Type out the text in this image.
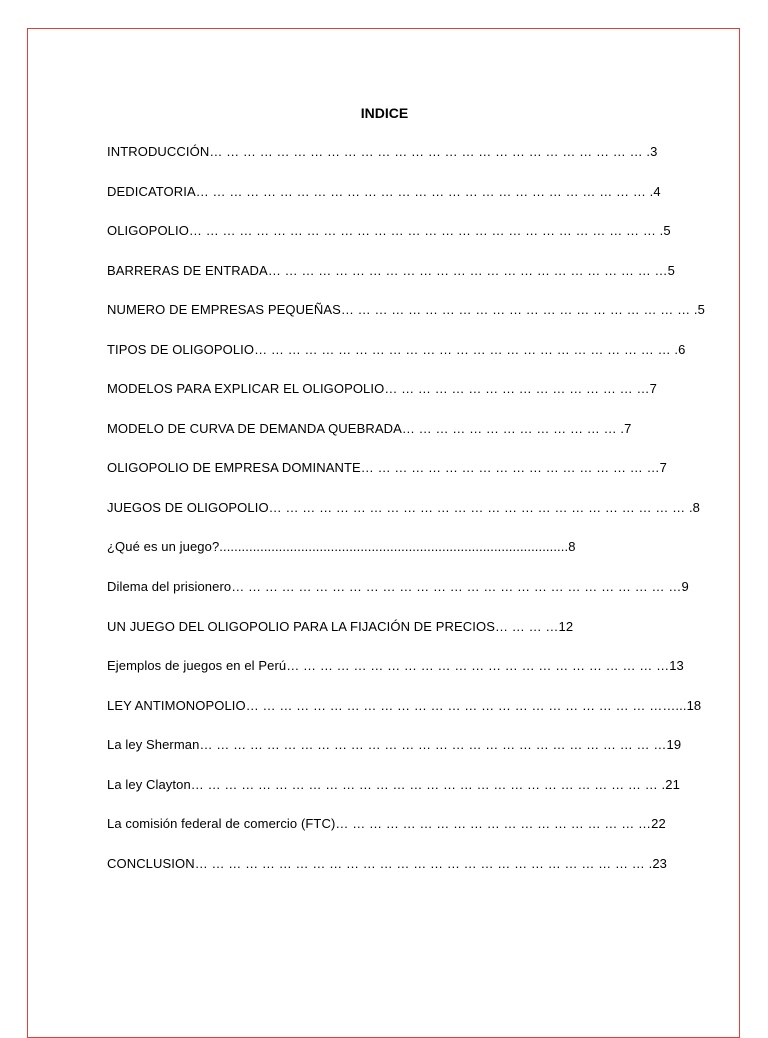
INDICE
INTRODUCCIÓN… … … … … … … … … … … … … … … … … … … … … … … … … … .3
DEDICATORIA… … … … … … … … … … … … … … … … … … … … … … … … … … … .4
OLIGOPOLIO… … … … … … … … … … … … … … … … … … … … … … … … … … … … .5
BARRERAS DE ENTRADA… … … … … … … … … … … … … … … … … … … … … … … …5
NUMERO DE EMPRESAS PEQUEÑAS… … … … … … … … … … … … … … … … … … … … … .5
TIPOS DE OLIGOPOLIO… … … … … … … … … … … … … … … … … … … … … … … … … .6
MODELOS PARA EXPLICAR EL OLIGOPOLIO… … … … … … … … … … … … … … … …7
MODELO DE CURVA DE DEMANDA QUEBRADA… … … … … … … … … … … … … .7
OLIGOPOLIO DE EMPRESA DOMINANTE… … … … … … … … … … … … … … … … … …7
JUEGOS DE OLIGOPOLIO… … … … … … … … … … … … … … … … … … … … … … … … … .8
¿Qué es un juego?..............................................................................................8
Dilema del prisionero… … … … … … … … … … … … … … … … … … … … … … … … … … …9
UN JUEGO DEL OLIGOPOLIO PARA LA FIJACIÓN DE PRECIOS… … … …12
Ejemplos de juegos en el Perú… … … … … … … … … … … … … … … … … … … … … … …13
LEY ANTIMONOPOLIO… … … … … … … … … … … … … … … … … … … … … … … … ……...18
La ley Sherman… … … … … … … … … … … … … … … … … … … … … … … … … … … …19
La ley Clayton… … … … … … … … … … … … … … … … … … … … … … … … … … … … .21
La comisión federal de comercio (FTC)… … … … … … … … … … … … … … … … … … …22
CONCLUSION… … … … … … … … … … … … … … … … … … … … … … … … … … … .23
